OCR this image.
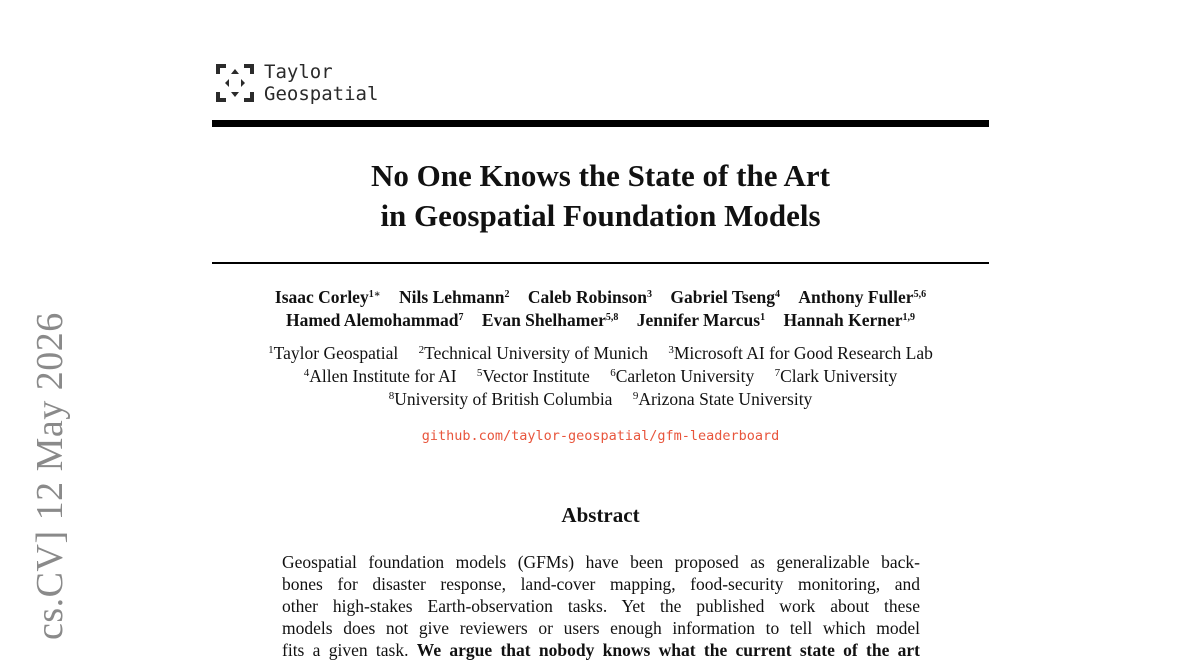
cs.CV] 12 May 2026
Taylor
Geospatial
No One Knows the State of the Art
in Geospatial Foundation Models
Isaac Corley$^{1∗}$ Nils Lehmann$^2$ Caleb Robinson$^3$ Gabriel Tseng$^4$ Anthony Fuller$^{5,6}$
Hamed Alemohammad$^7$ Evan Shelhamer$^{5,8}$ Jennifer Marcus$^1$ Hannah Kerner$^{1,9}$
$^1$Taylor Geospatial $^2$Technical University of Munich $^3$Microsoft AI for Good Research Lab
$^4$Allen Institute for AI $^5$Vector Institute $^6$Carleton University $^7$Clark University
$^8$University of British Columbia $^9$Arizona State University
github.com/taylor-geospatial/gfm-leaderboard
Abstract
Geospatial foundation models (GFMs) have been proposed as generalizable back-
bones for disaster response, land-cover mapping, food-security monitoring, and
other high-stakes Earth-observation tasks. Yet the published work about these
models does not give reviewers or users enough information to tell which model
fits a given task. We argue that nobody knows what the current state of the art
